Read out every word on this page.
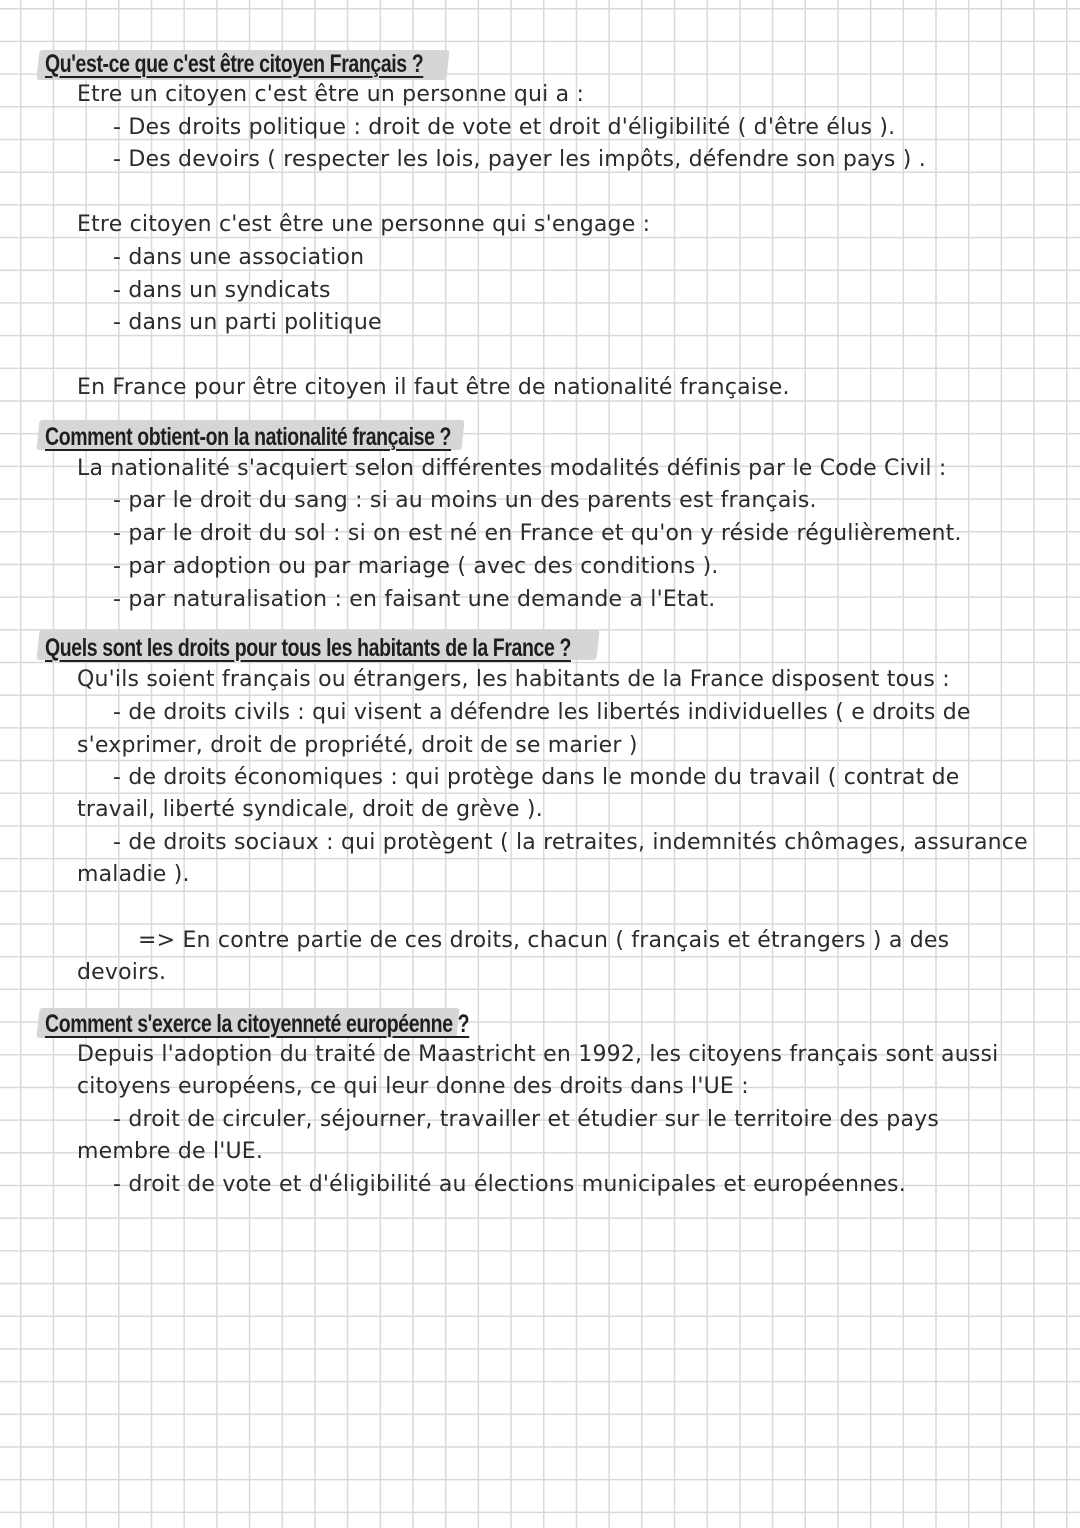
Qu'est-ce que c'est être citoyen Français ?
Etre un citoyen c'est être un personne qui a :
- Des droits politique : droit de vote et droit d'éligibilité ( d'être élus ).
- Des devoirs ( respecter les lois, payer les impôts, défendre son pays ) .
Etre citoyen c'est être une personne qui s'engage :
- dans une association
- dans un syndicats
- dans un parti politique
En France pour être citoyen il faut être de nationalité française.
Comment obtient-on la nationalité française ?
La nationalité s'acquiert selon différentes modalités définis par le Code Civil :
- par le droit du sang : si au moins un des parents est français.
- par le droit du sol : si on est né en France et qu'on y réside régulièrement.
- par adoption ou par mariage ( avec des conditions ).
- par naturalisation : en faisant une demande a l'Etat.
Quels sont les droits pour tous les habitants de la France ?
Qu'ils soient français ou étrangers, les habitants de la France disposent tous :
- de droits civils : qui visent a défendre les libertés individuelles ( e droits de
s'exprimer, droit de propriété, droit de se marier )
- de droits économiques : qui protège dans le monde du travail ( contrat de
travail, liberté syndicale, droit de grève ).
- de droits sociaux : qui protègent ( la retraites, indemnités chômages, assurance
maladie ).
=> En contre partie de ces droits, chacun ( français et étrangers ) a des
devoirs.
Comment s'exerce la citoyenneté européenne ?
Depuis l'adoption du traité de Maastricht en 1992, les citoyens français sont aussi
citoyens européens, ce qui leur donne des droits dans l'UE :
- droit de circuler, séjourner, travailler et étudier sur le territoire des pays
membre de l'UE.
- droit de vote et d'éligibilité au élections municipales et européennes.
